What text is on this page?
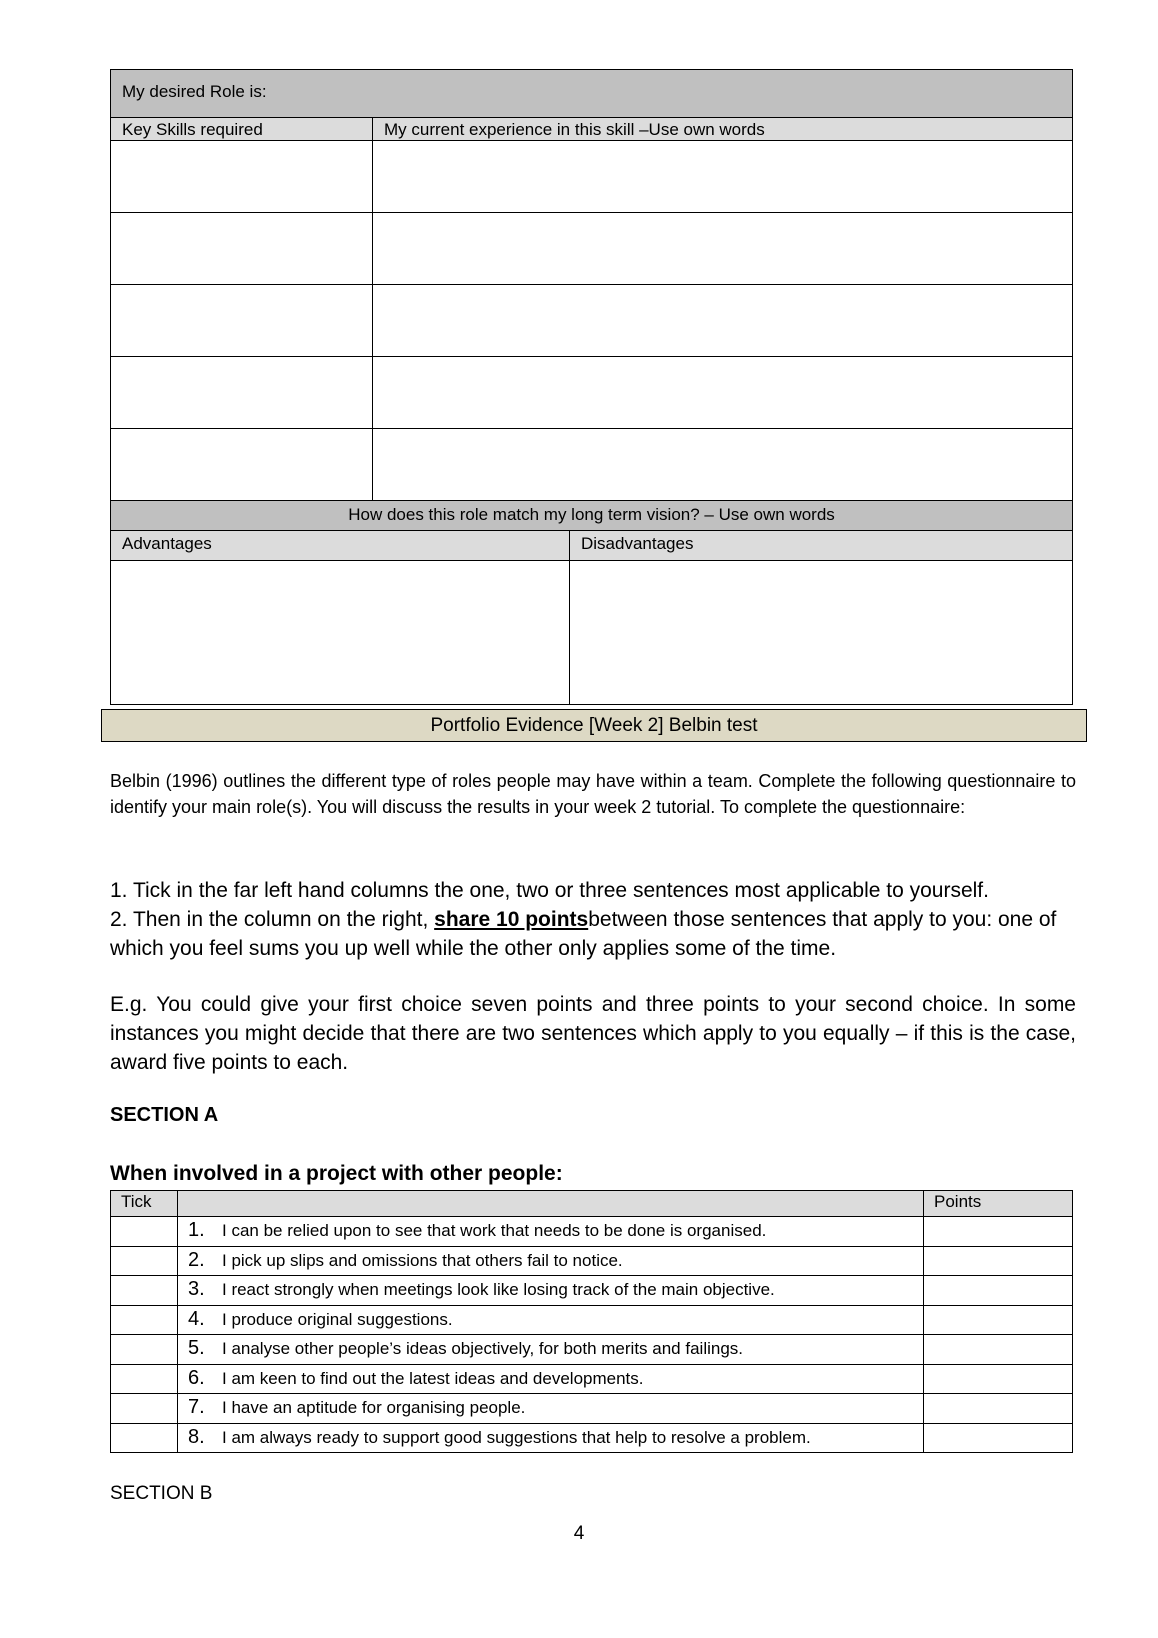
My desired Role is:		
Key Skills required	My current experience in this skill –Use own words	

How does this role match my long term vision? – Use own words		
Advantages		Disadvantages

Portfolio Evidence [Week 2] Belbin test

Belbin (1996) outlines the different type of roles people may have within a team. Complete the following questionnaire to identify your main role(s). You will discuss the results in your week 2 tutorial. To complete the questionnaire:

1. Tick in the far left hand columns the one, two or three sentences most applicable to yourself.

2. Then in the column on the right, share 10 pointsbetween those sentences that apply to you: one of which you feel sums you up well while the other only applies some of the time.

E.g. You could give your first choice seven points and three points to your second choice. In some instances you might decide that there are two sentences which apply to you equally – if this is the case, award five points to each.

SECTION A
When involved in a project with other people:
Tick		Points
	1. I can be relied upon to see that work that needs to be done is organised.	
	2. I pick up slips and omissions that others fail to notice.	
	3. I react strongly when meetings look like losing track of the main objective.	
	4. I produce original suggestions.	
	5. I analyse other people’s ideas objectively, for both merits and failings.	
	6. I am keen to find out the latest ideas and developments.	
	7. I have an aptitude for organising people.	
	8. I am always ready to support good suggestions that help to resolve a problem.	
SECTION B
4
